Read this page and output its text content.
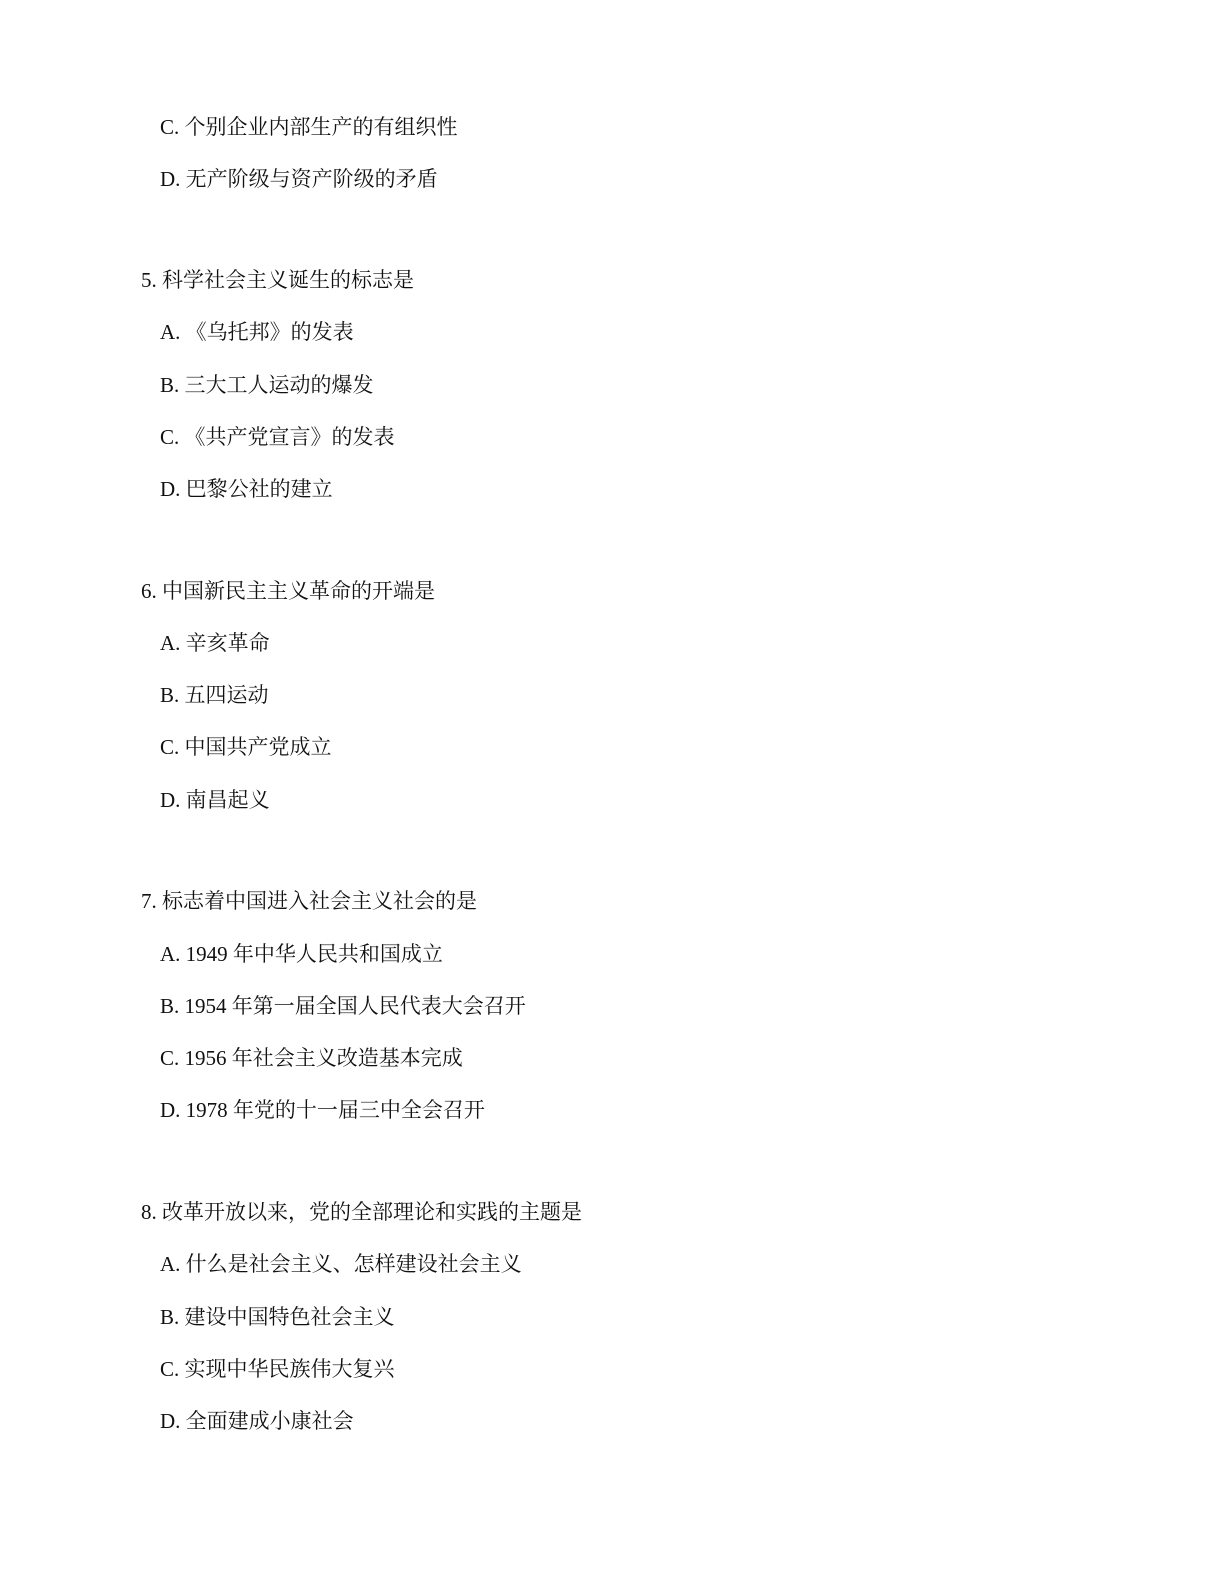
C. 个别企业内部生产的有组织性
D. 无产阶级与资产阶级的矛盾
5. 科学社会主义诞生的标志是
A. 《乌托邦》的发表
B. 三大工人运动的爆发
C. 《共产党宣言》的发表
D. 巴黎公社的建立
6. 中国新民主主义革命的开端是
A. 辛亥革命
B. 五四运动
C. 中国共产党成立
D. 南昌起义
7. 标志着中国进入社会主义社会的是
A. 1949 年中华人民共和国成立
B. 1954 年第一届全国人民代表大会召开
C. 1956 年社会主义改造基本完成
D. 1978 年党的十一届三中全会召开
8. 改革开放以来，党的全部理论和实践的主题是
A. 什么是社会主义、怎样建设社会主义
B. 建设中国特色社会主义
C. 实现中华民族伟大复兴
D. 全面建成小康社会
